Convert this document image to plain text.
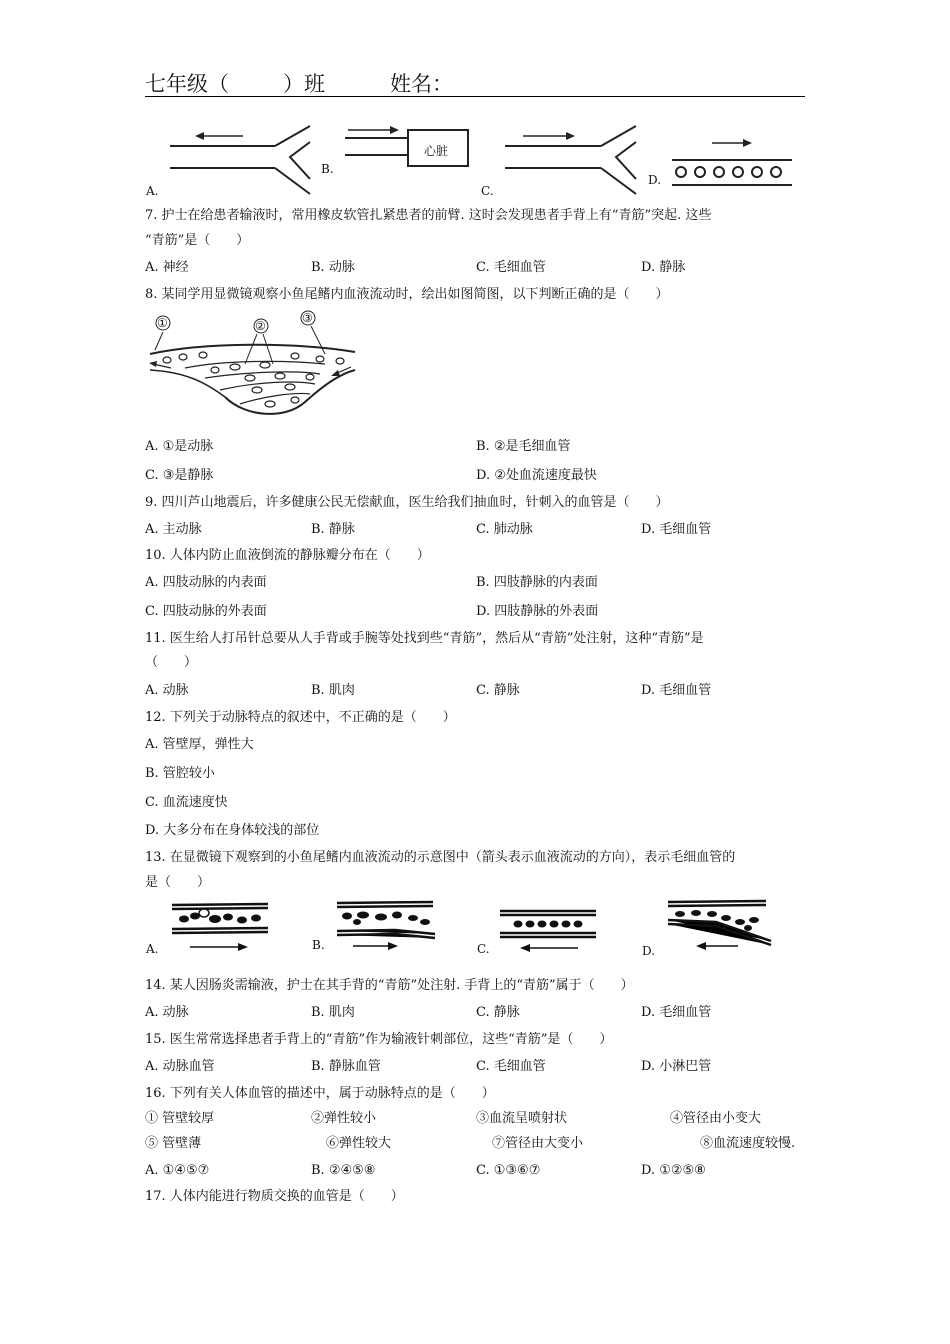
七年级（	）班	姓名：
A.
心脏
B.
C.
D.
7. 护士在给患者输液时，常用橡皮软管扎紧患者的前臂. 这时会发现患者手背上有“青筋”突起. 这些
“青筋”是（　　）
A. 神经	B. 动脉	C. 毛细血管	D. 静脉
8. 某同学用显微镜观察小鱼尾鳍内血液流动时，绘出如图简图，以下判断正确的是（　　）
①	②
③
A. ①是动脉	B. ②是毛细血管
C. ③是静脉	D. ②处血流速度最快
9. 四川芦山地震后，许多健康公民无偿献血，医生给我们抽血时，针刺入的血管是（　　）
A. 主动脉	B. 静脉	C. 肺动脉	D. 毛细血管
10. 人体内防止血液倒流的静脉瓣分布在（　　）
A. 四肢动脉的内表面	B. 四肢静脉的内表面
C. 四肢动脉的外表面	D. 四肢静脉的外表面
11. 医生给人打吊针总要从人手背或手腕等处找到些“青筋”，然后从“青筋”处注射，这种“青筋”是
（　　）
A. 动脉	B. 肌肉	C. 静脉	D. 毛细血管
12. 下列关于动脉特点的叙述中，不正确的是（　　）
A. 管壁厚，弹性大
B. 管腔较小
C. 血流速度快
D. 大多分布在身体较浅的部位
13. 在显微镜下观察到的小鱼尾鳍内血液流动的示意图中（箭头表示血液流动的方向），表示毛细血管的
是（　　）
A.	B.	C.	D.
14. 某人因肠炎需输液，护士在其手背的“青筋”处注射. 手背上的“青筋”属于（　　）
A. 动脉	B. 肌肉	C. 静脉	D. 毛细血管
15. 医生常常选择患者手背上的“青筋”作为输液针刺部位，这些“青筋”是（　　）
A. 动脉血管	B. 静脉血管	C. 毛细血管	D. 小淋巴管
16. 下列有关人体血管的描述中，属于动脉特点的是（　　）
① 管壁较厚	②弹性较小	③血流呈喷射状	④管径由小变大
⑤ 管壁薄	⑥弹性较大	⑦管径由大变小	⑧血流速度较慢.
A. ①④⑤⑦	B. ②④⑤⑧	C. ①③⑥⑦	D. ①②⑤⑧
17. 人体内能进行物质交换的血管是（　　）
